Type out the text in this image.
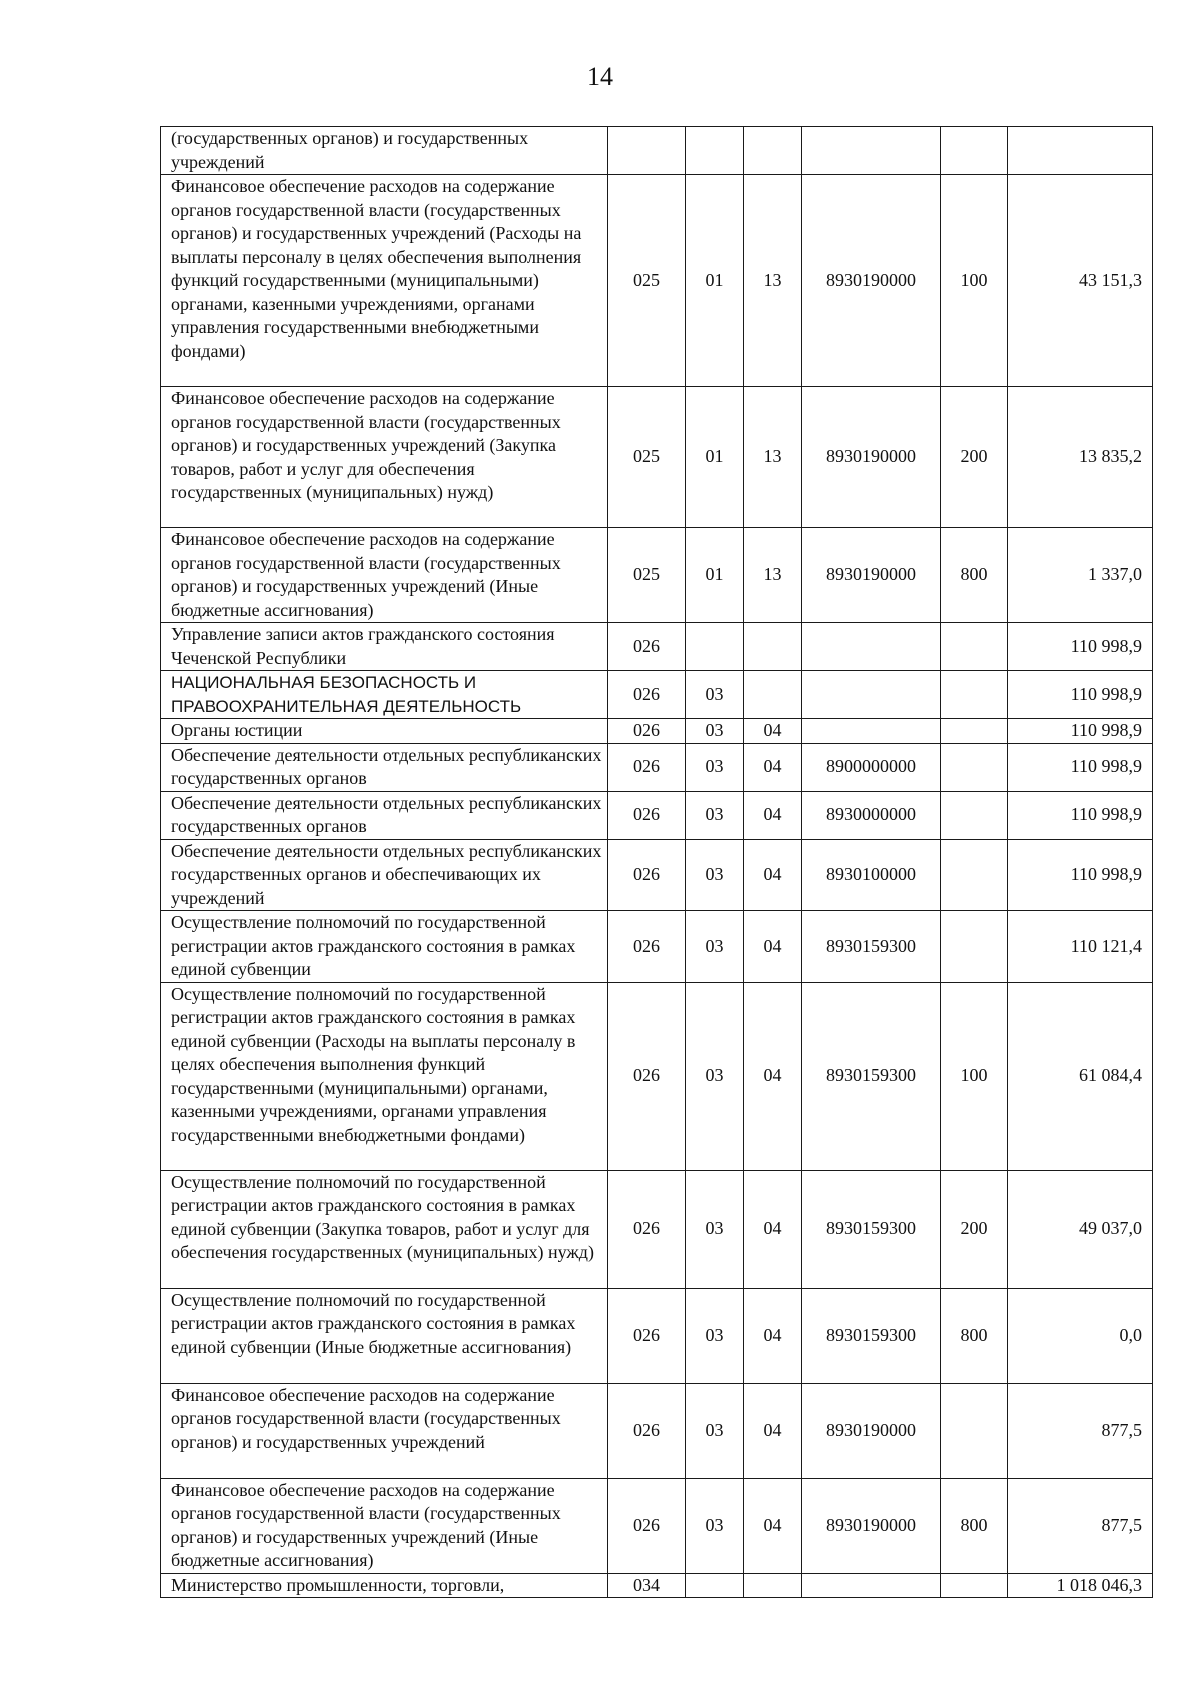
14
(государственных органов) и государственных учреждений						

Финансовое обеспечение расходов на содержание органов государственной власти (государственных органов) и государственных учреждений (Расходы на выплаты персоналу в целях обеспечения выполнения функций государственными (муниципальными) органами, казенными учреждениями, органами управления государственными внебюджетными фондами)	025	01	13	8930190000	100	43 151,3

Финансовое обеспечение расходов на содержание органов государственной власти (государственных органов) и государственных учреждений (Закупка товаров, работ и услуг для обеспечения государственных (муниципальных) нужд)	025	01	13	8930190000	200	13 835,2

Финансовое обеспечение расходов на содержание органов государственной власти (государственных органов) и государственных учреждений (Иные бюджетные ассигнования)	025	01	13	8930190000	800	1 337,0

Управление записи актов гражданского состояния Чеченской Республики	026					110 998,9

НАЦИОНАЛЬНАЯ БЕЗОПАСНОСТЬ И ПРАВООХРАНИТЕЛЬНАЯ ДЕЯТЕЛЬНОСТЬ	026	03				110 998,9

Органы юстиции	026	03	04			110 998,9

Обеспечение деятельности отдельных республиканских государственных органов	026	03	04	8900000000		110 998,9

Обеспечение деятельности отдельных республиканских государственных органов	026	03	04	8930000000		110 998,9

Обеспечение деятельности отдельных республиканских государственных органов и обеспечивающих их учреждений	026	03	04	8930100000		110 998,9

Осуществление полномочий по государственной регистрации актов гражданского состояния в рамках единой субвенции	026	03	04	8930159300		110 121,4

Осуществление полномочий по государственной регистрации актов гражданского состояния в рамках единой субвенции (Расходы на выплаты персоналу в целях обеспечения выполнения функций государственными (муниципальными) органами, казенными учреждениями, органами управления государственными внебюджетными фондами)	026	03	04	8930159300	100	61 084,4

Осуществление полномочий по государственной регистрации актов гражданского состояния в рамках единой субвенции (Закупка товаров, работ и услуг для обеспечения государственных (муниципальных) нужд)	026	03	04	8930159300	200	49 037,0

Осуществление полномочий по государственной регистрации актов гражданского состояния в рамках единой субвенции (Иные бюджетные ассигнования)	026	03	04	8930159300	800	0,0

Финансовое обеспечение расходов на содержание органов государственной власти (государственных органов) и государственных учреждений	026	03	04	8930190000		877,5

Финансовое обеспечение расходов на содержание органов государственной власти (государственных органов) и государственных учреждений (Иные бюджетные ассигнования)	026	03	04	8930190000	800	877,5

Министерство промышленности, торговли,	034					1 018 046,3
